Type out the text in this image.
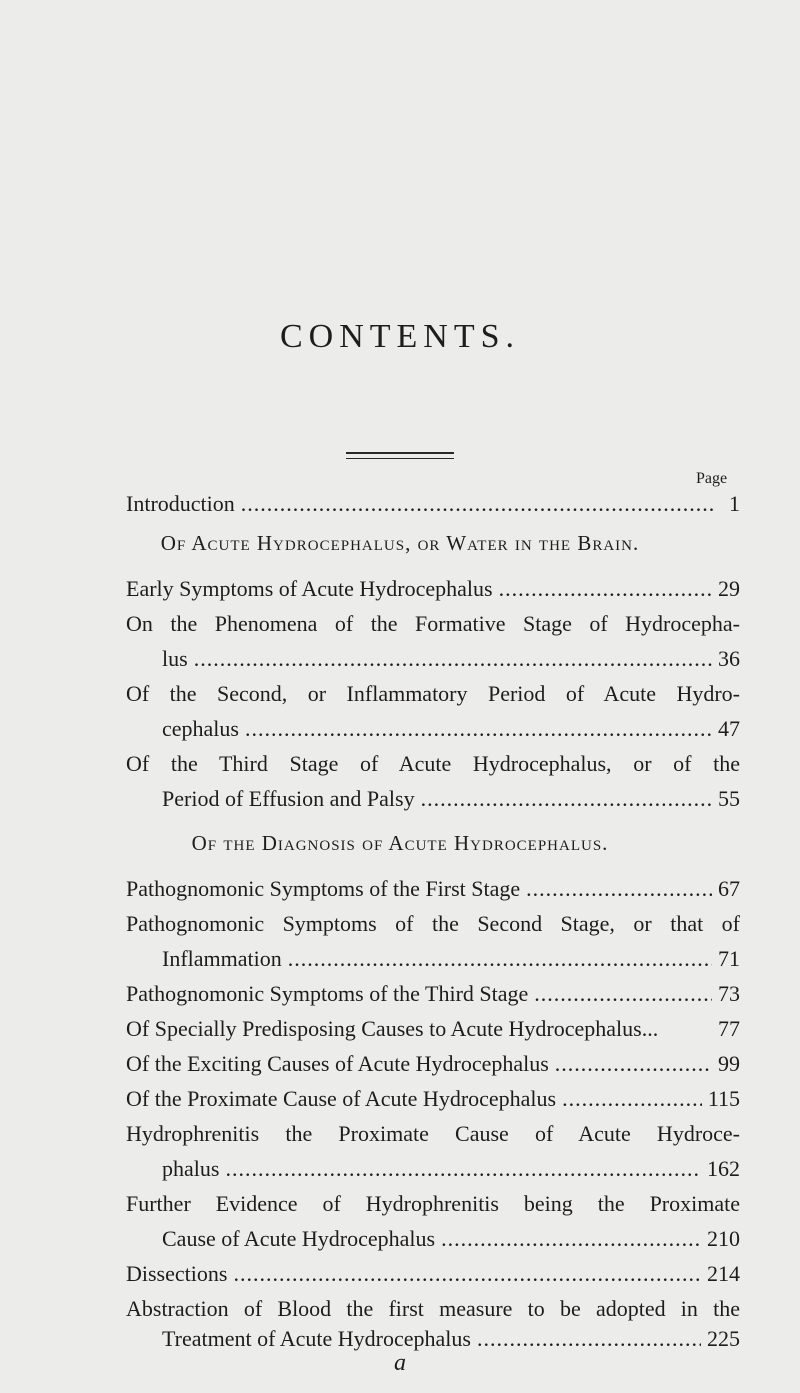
CONTENTS.
Page
Introduction .....	1
Of Acute Hydrocephalus, or Water in the Brain.
Early Symptoms of Acute Hydrocephalus .....	29
On the Phenomena of the Formative Stage of Hydrocepha-
lus .....	36
Of the Second, or Inflammatory Period of Acute Hydro-
cephalus .....	47
Of the Third Stage of Acute Hydrocephalus, or of the
Period of Effusion and Palsy .....	55
Of the Diagnosis of Acute Hydrocephalus.
Pathognomonic Symptoms of the First Stage .....	67
Pathognomonic Symptoms of the Second Stage, or that of
Inflammation .....	71
Pathognomonic Symptoms of the Third Stage .....	73
Of Specially Predisposing Causes to Acute Hydrocephalus...	77
Of the Exciting Causes of Acute Hydrocephalus .....	99
Of the Proximate Cause of Acute Hydrocephalus .....	115
Hydrophrenitis the Proximate Cause of Acute Hydroce-
phalus .....	162
Further Evidence of Hydrophrenitis being the Proximate
Cause of Acute Hydrocephalus .....	210
Dissections .....	214
Abstraction of Blood the first measure to be adopted in the
Treatment of Acute Hydrocephalus .....	225
a
